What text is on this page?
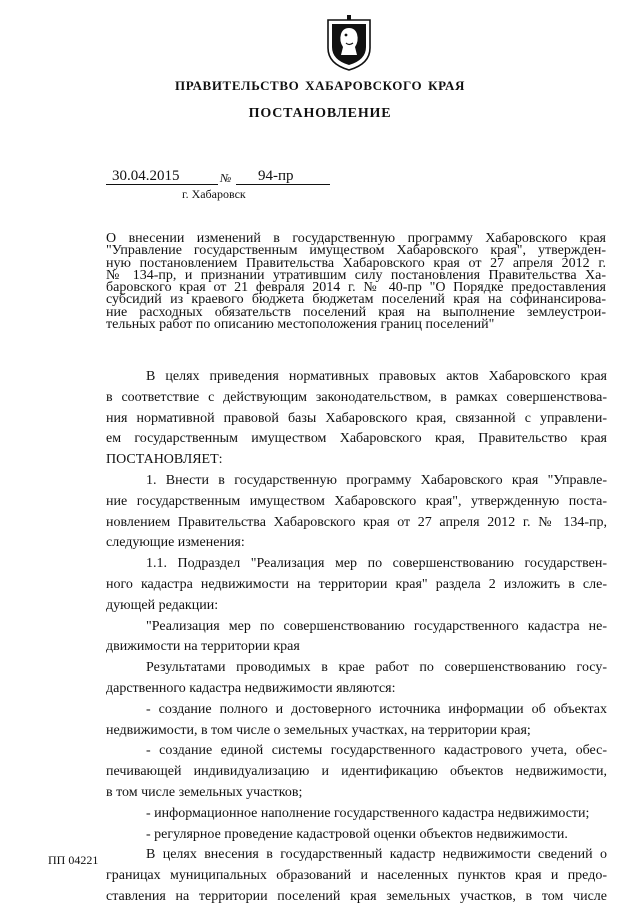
ПРАВИТЕЛЬСТВО ХАБАРОВСКОГО КРАЯ
ПОСТАНОВЛЕНИЕ
30.04.2015	№ 94-пр
г. Хабаровск
О внесении изменений в государственную программу Хабаровского края
"Управление государственным имуществом Хабаровского края", утвержден-
ную постановлением Правительства Хабаровского края от 27 апреля 2012 г.
№ 134-пр, и признании утратившим силу постановления Правительства Ха-
баровского края от 21 февраля 2014 г. № 40-пр "О Порядке предоставления
субсидий из краевого бюджета бюджетам поселений края на софинансирова-
ние расходных обязательств поселений края на выполнение землеустрои-
тельных работ по описанию местоположения границ поселений"
В целях приведения нормативных правовых актов Хабаровского края
в соответствие с действующим законодательством, в рамках совершенствова-
ния нормативной правовой базы Хабаровского края, связанной с управлени-
ем государственным имуществом Хабаровского края, Правительство края
ПОСТАНОВЛЯЕТ:
1. Внести в государственную программу Хабаровского края "Управле-
ние государственным имуществом Хабаровского края", утвержденную поста-
новлением Правительства Хабаровского края от 27 апреля 2012 г. № 134-пр,
следующие изменения:
1.1. Подраздел "Реализация мер по совершенствованию государствен-
ного кадастра недвижимости на территории края" раздела 2 изложить в сле-
дующей редакции:
"Реализация мер по совершенствованию государственного кадастра не-
движимости на территории края
Результатами проводимых в крае работ по совершенствованию госу-
дарственного кадастра недвижимости являются:
- создание полного и достоверного источника информации об объектах
недвижимости, в том числе о земельных участках, на территории края;
- создание единой системы государственного кадастрового учета, обес-
печивающей индивидуализацию и идентификацию объектов недвижимости,
в том числе земельных участков;
- информационное наполнение государственного кадастра недвижимости;
- регулярное проведение кадастровой оценки объектов недвижимости.
В целях внесения в государственный кадастр недвижимости сведений о
границах муниципальных образований и населенных пунктов края и предо-
ставления на территории поселений края земельных участков, в том числе
ПП 04221
